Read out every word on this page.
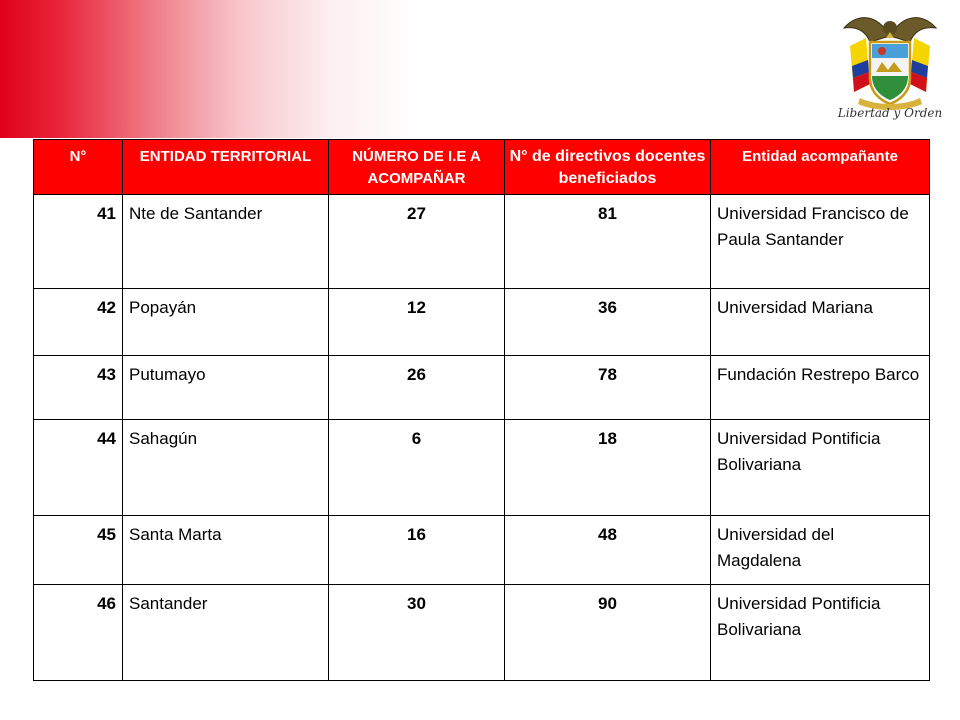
Libertad y Orden
N°	ENTIDAD TERRITORIAL	NÚMERO DE I.E A ACOMPAÑAR	N° de directivos docentes beneficiados	Entidad acompañante
41	Nte de Santander	27	81	Universidad Francisco de Paula Santander
42	Popayán	12	36	Universidad Mariana
43	Putumayo	26	78	Fundación Restrepo Barco
44	Sahagún	6	18	Universidad Pontificia Bolivariana
45	Santa Marta	16	48	Universidad del Magdalena
46	Santander	30	90	Universidad Pontificia Bolivariana
